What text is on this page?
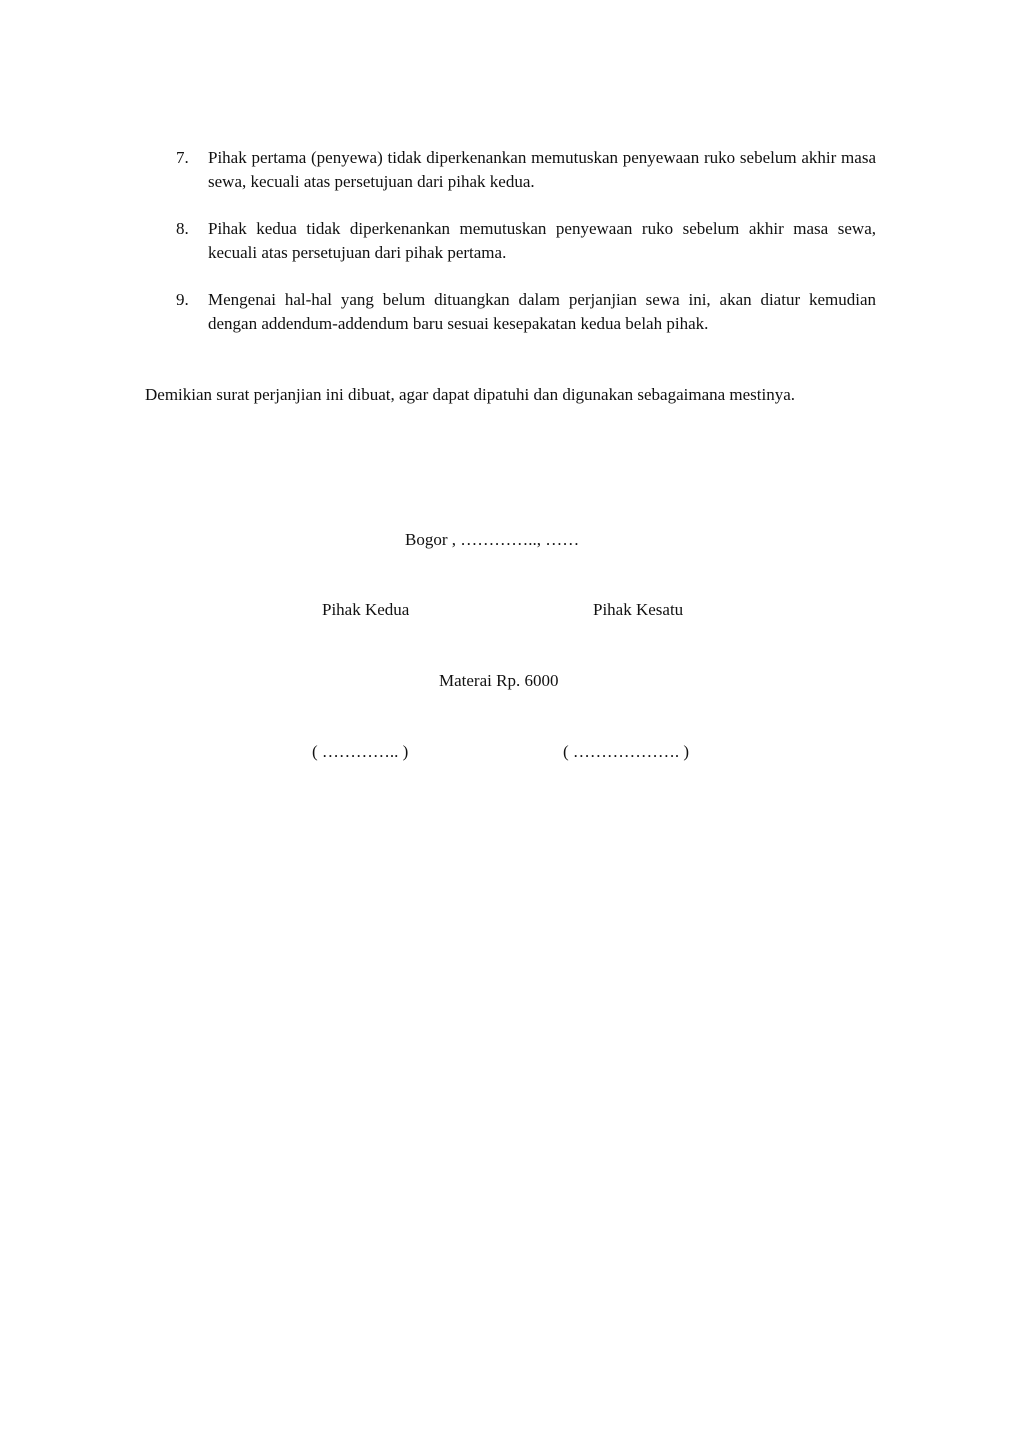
7.	Pihak pertama (penyewa) tidak diperkenankan memutuskan penyewaan ruko sebelum akhir masa sewa, kecuali atas persetujuan dari pihak kedua.
8.	Pihak kedua tidak diperkenankan memutuskan penyewaan ruko sebelum akhir masa sewa, kecuali atas persetujuan dari pihak pertama.
9.	Mengenai hal-hal yang belum dituangkan dalam perjanjian sewa ini, akan diatur kemudian dengan addendum-addendum baru sesuai kesepakatan kedua belah pihak.
Demikian surat perjanjian ini dibuat, agar dapat dipatuhi dan digunakan sebagaimana mestinya.
Bogor , ………….., ……
Pihak Kedua	Pihak Kesatu
Materai Rp. 6000
( ………….. )	( ………………. )
